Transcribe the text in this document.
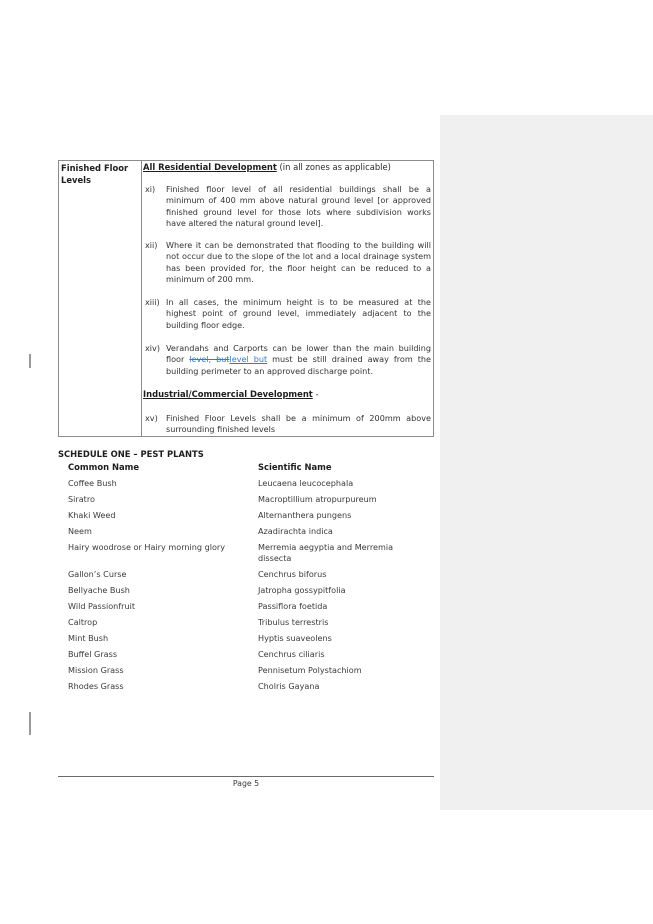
Finished Floor Levels
All Residential Development (in all zones as applicable)
xi)	Finished floor level of all residential buildings shall be a minimum of 400 mm above natural ground level [or approved finished ground level for those lots where subdivision works have altered the natural ground level].
xii)	Where it can be demonstrated that flooding to the building will not occur due to the slope of the lot and a local drainage system has been provided for, the floor height can be reduced to a minimum of 200 mm.
xiii) In all cases, the minimum height is to be measured at the highest point of ground level, immediately adjacent to the building floor edge.
xiv) Verandahs and Carports can be lower than the main building floor level, butlevel but must be still drained away from the building perimeter to an approved discharge point.
Industrial/Commercial Development -
xv)	Finished Floor Levels shall be a minimum of 200mm above surrounding finished levels
SCHEDULE ONE – PEST PLANTS
Common Name	Scientific Name
Coffee Bush	Leucaena leucocephala
Siratro	Macroptillium atropurpureum
Khaki Weed	Alternanthera pungens
Neem	Azadirachta indica
Hairy woodrose or Hairy morning glory	Merremia aegyptia and Merremia dissecta
Gallon’s Curse	Cenchrus biforus
Bellyache Bush	Jatropha gossypitfolia
Wild Passionfruit	Passiflora foetida
Caltrop	Tribulus terrestris
Mint Bush	Hyptis suaveolens
Buffel Grass	Cenchrus ciliaris
Mission Grass	Pennisetum Polystachiom
Rhodes Grass	Cholris Gayana
Page 5
